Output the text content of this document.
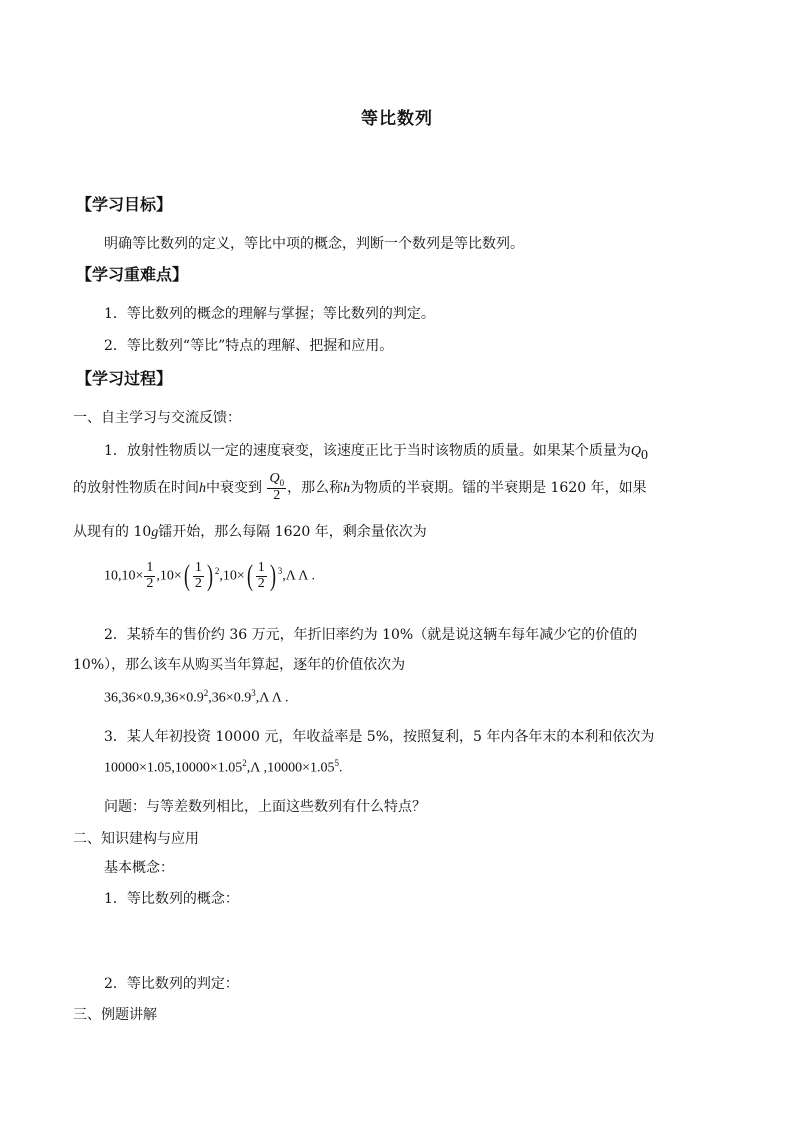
等比数列
【学习目标】
明确等比数列的定义，等比中项的概念，判断一个数列是等比数列。
【学习重难点】
1．等比数列的概念的理解与掌握；等比数列的判定。
2．等比数列“等比”特点的理解、把握和应用。
【学习过程】
一、自主学习与交流反馈：
1．放射性物质以一定的速度衰变，该速度正比于当时该物质的质量。如果某个质量为$Q_0$
的放射性物质在时间h中衰变到 $\frac{Q_0}{2}$ ，那么称h为物质的半衰期。镭的半衰期是 1620 年，如果
从现有的 10g镭开始，那么每隔 1620 年，剩余量依次为
$10,10\times \frac{1}{2} ,10\times$ ( $\frac{1}{2}$ ) $^2$,10× ( $\frac{1}{2}$ ) $^3$,Λ Λ .
2．某轿车的售价约 36 万元，年折旧率约为 10%（就是说这辆车每年减少它的价值的
10%），那么该车从购买当年算起，逐年的价值依次为
$36,36\times 0.9,36\times 0.9^2,36\times 0.9^3,\Lambda$ Λ .
3．某人年初投资 10000 元，年收益率是 5%，按照复利，5 年内各年末的本利和依次为
$10000\times 1.05,10000\times 1.05^2,\Lambda$ $,10000\times 1.05^5$.
问题：与等差数列相比，上面这些数列有什么特点？
二、知识建构与应用
基本概念：
1．等比数列的概念：
2．等比数列的判定：
三、例题讲解
